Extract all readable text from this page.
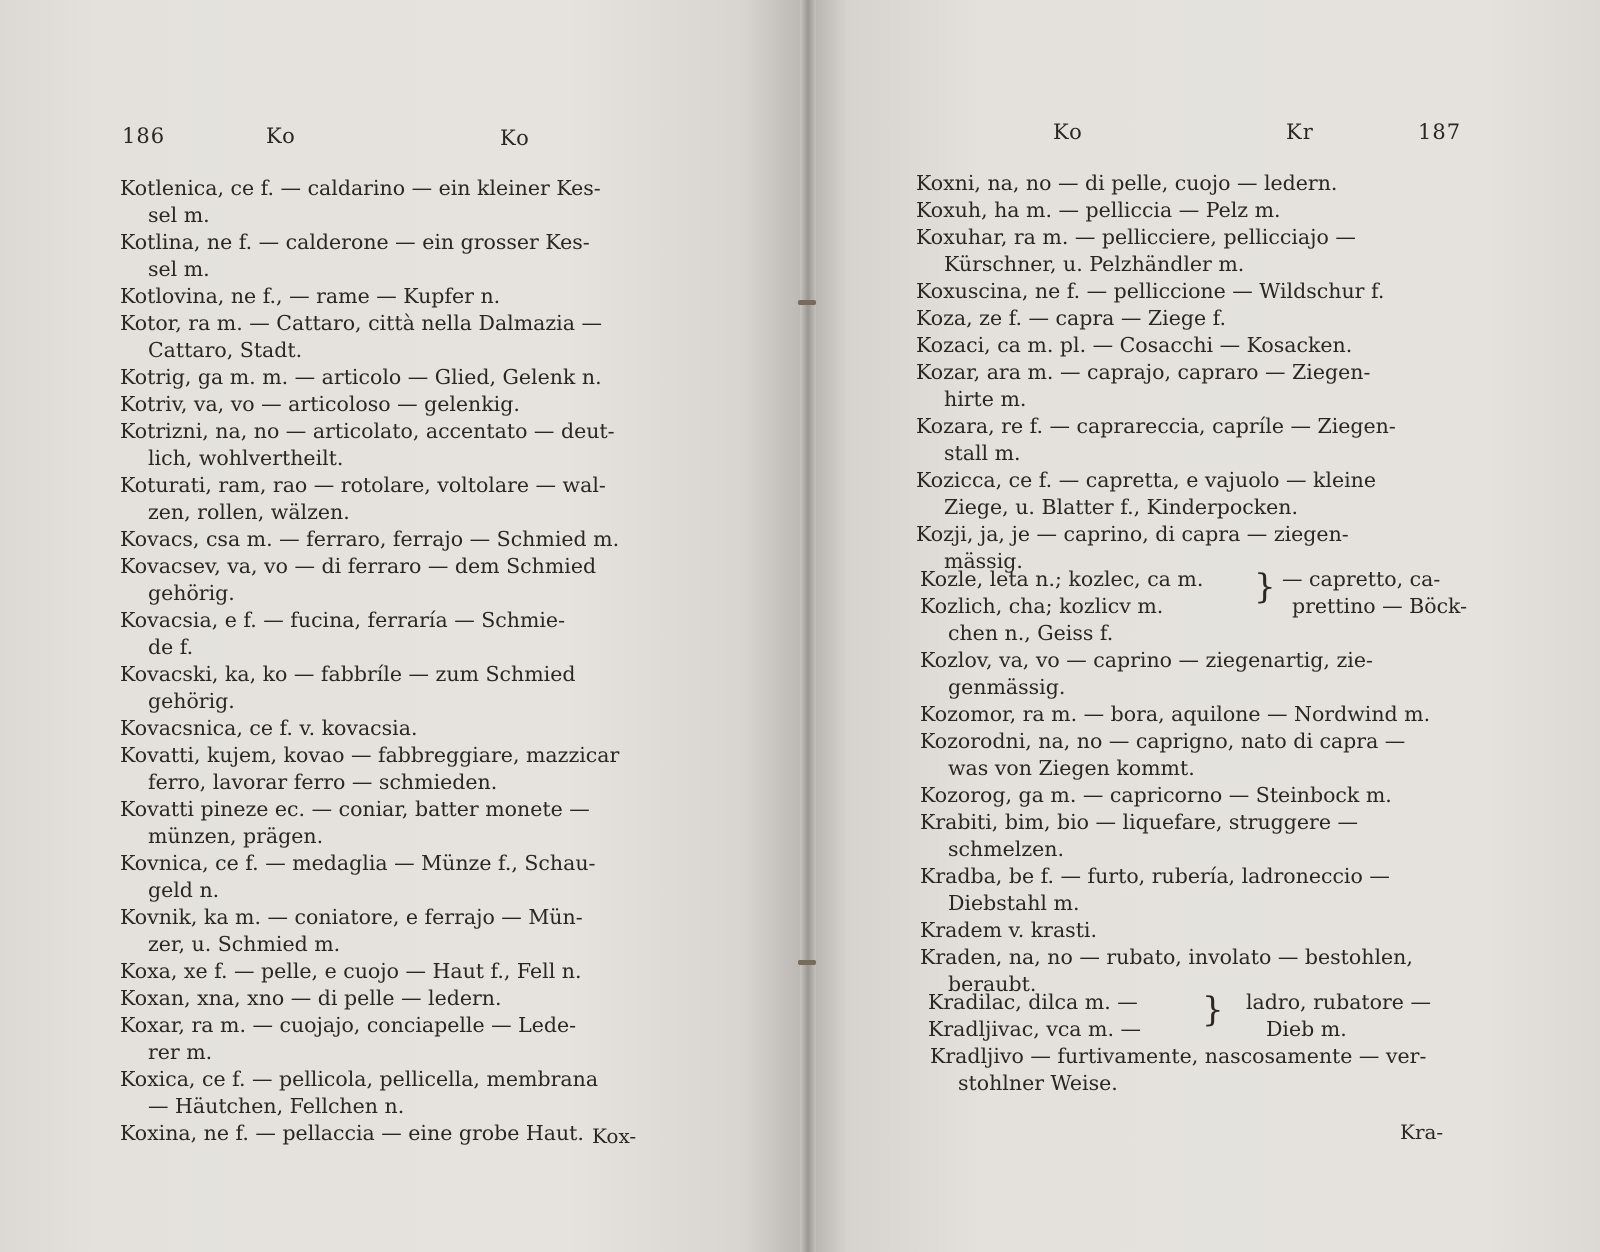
186	Ko	Ko
Kotlenica, ce f. — caldarino — ein kleiner Kes-
sel m.
Kotlina, ne f. — calderone — ein grosser Kes-
sel m.
Kotlovina, ne f., — rame — Kupfer n.
Kotor, ra m. — Cattaro, città nella Dalmazia —
Cattaro, Stadt.
Kotrig, ga m. m. — articolo — Glied, Gelenk n.
Kotriv, va, vo — articoloso — gelenkig.
Kotrizni, na, no — articolato, accentato — deut-
lich, wohlvertheilt.
Koturati, ram, rao — rotolare, voltolare — wal-
zen, rollen, wälzen.
Kovacs, csa m. — ferraro, ferrajo — Schmied m.
Kovacsev, va, vo — di ferraro — dem Schmied
gehörig.
Kovacsia, e f. — fucina, ferraría — Schmie-
de f.
Kovacski, ka, ko — fabbríle — zum Schmied
gehörig.
Kovacsnica, ce f. v. kovacsia.
Kovatti, kujem, kovao — fabbreggiare, mazzicar
ferro, lavorar ferro — schmieden.
Kovatti pineze ec. — coniar, batter monete —
münzen, prägen.
Kovnica, ce f. — medaglia — Münze f., Schau-
geld n.
Kovnik, ka m. — coniatore, e ferrajo — Mün-
zer, u. Schmied m.
Koxa, xe f. — pelle, e cuojo — Haut f., Fell n.
Koxan, xna, xno — di pelle — ledern.
Koxar, ra m. — cuojajo, conciapelle — Lede-
rer m.
Koxica, ce f. — pellicola, pellicella, membrana
— Häutchen, Fellchen n.
Koxina, ne f. — pellaccia — eine grobe Haut. Kox-
Ko	Kr	187
Koxni, na, no — di pelle, cuojo — ledern.
Koxuh, ha m. — pelliccia — Pelz m.
Koxuhar, ra m. — pellicciere, pellicciajo —
Kürschner, u. Pelzhändler m.
Koxuscina, ne f. — pelliccione — Wildschur f.
Koza, ze f. — capra — Ziege f.
Kozaci, ca m. pl. — Cosacchi — Kosacken.
Kozar, ara m. — caprajo, capraro — Ziegen-
hirte m.
Kozara, re f. — caprareccia, capríle — Ziegen-
stall m.
Kozicca, ce f. — capretta, e vajuolo — kleine
Ziege, u. Blatter f., Kinderpocken.
Kozji, ja, je — caprino, di capra — ziegen-
mässig.
Kozle, leta n.; kozlec, ca m.
Kozlich, cha; kozlicv m.	} — capretto, ca-
prettino — Böck-
chen n., Geiss f.
Kozlov, va, vo — caprino — ziegenartig, zie-
genmässig.
Kozomor, ra m. — bora, aquilone — Nordwind m.
Kozorodni, na, no — caprigno, nato di capra —
was von Ziegen kommt.
Kozorog, ga m. — capricorno — Steinbock m.
Krabiti, bim, bio — liquefare, struggere —
schmelzen.
Kradba, be f. — furto, rubería, ladroneccio —
Diebstahl m.
Kradem v. krasti.
Kraden, na, no — rubato, involato — bestohlen,
beraubt.
Kradilac, dilca m. —
Kradljivac, vca m. — } ladro, rubatore —
Dieb m.
Kradljivo — furtivamente, nascosamente — ver-
stohlner Weise.
Kra-
